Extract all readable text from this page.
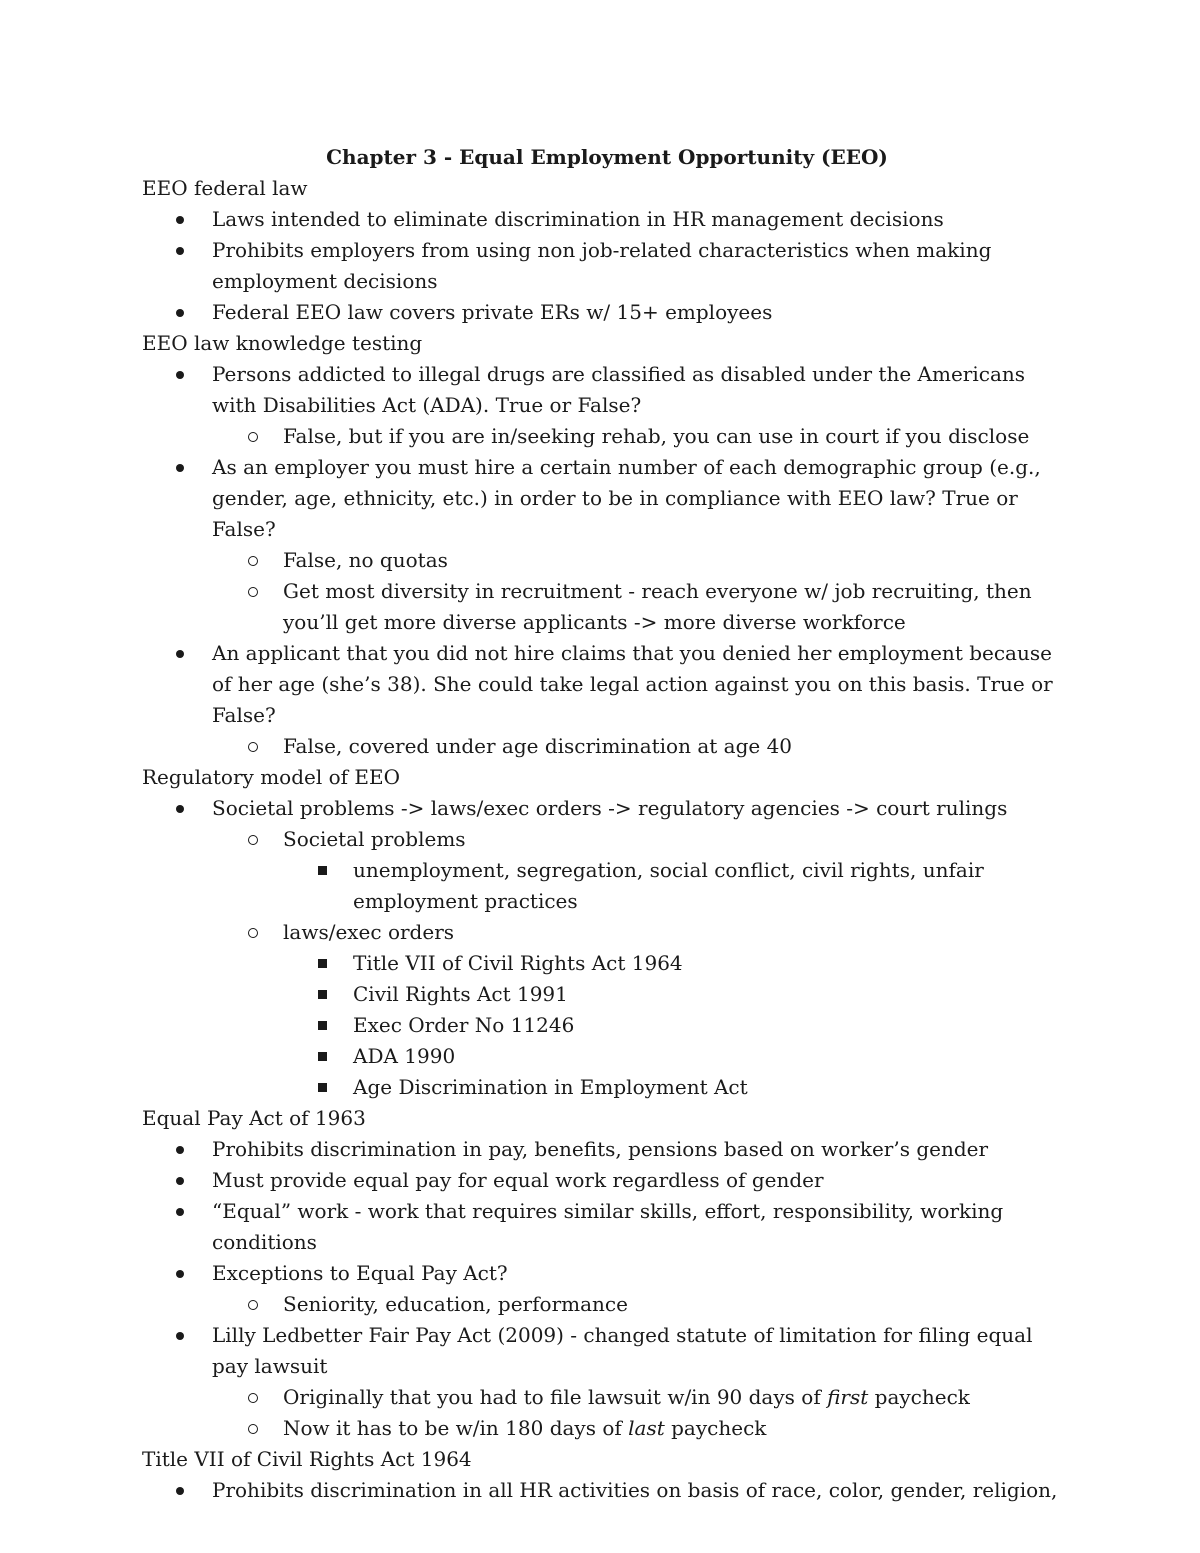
Chapter 3 - Equal Employment Opportunity (EEO)

EEO federal law

Laws intended to eliminate discrimination in HR management decisions
Prohibits employers from using non job-related characteristics when making employment decisions
Federal EEO law covers private ERs w/ 15+ employees

EEO law knowledge testing

Persons addicted to illegal drugs are classified as disabled under the Americans with Disabilities Act (ADA). True or False?
False, but if you are in/seeking rehab, you can use in court if you disclose
As an employer you must hire a certain number of each demographic group (e.g., gender, age, ethnicity, etc.) in order to be in compliance with EEO law? True or False?
False, no quotas
Get most diversity in recruitment - reach everyone w/ job recruiting, then you’ll get more diverse applicants -> more diverse workforce
An applicant that you did not hire claims that you denied her employment because of her age (she’s 38). She could take legal action against you on this basis. True or False?
False, covered under age discrimination at age 40

Regulatory model of EEO

Societal problems -> laws/exec orders -> regulatory agencies -> court rulings
Societal problems
unemployment, segregation, social conflict, civil rights, unfair employment practices
laws/exec orders
Title VII of Civil Rights Act 1964
Civil Rights Act 1991
Exec Order No 11246
ADA 1990
Age Discrimination in Employment Act

Equal Pay Act of 1963

Prohibits discrimination in pay, benefits, pensions based on worker’s gender
Must provide equal pay for equal work regardless of gender
“Equal” work - work that requires similar skills, effort, responsibility, working conditions
Exceptions to Equal Pay Act?
Seniority, education, performance
Lilly Ledbetter Fair Pay Act (2009) - changed statute of limitation for filing equal pay lawsuit
Originally that you had to file lawsuit w/in 90 days of first paycheck
Now it has to be w/in 180 days of last paycheck

Title VII of Civil Rights Act 1964

Prohibits discrimination in all HR activities on basis of race, color, gender, religion,
